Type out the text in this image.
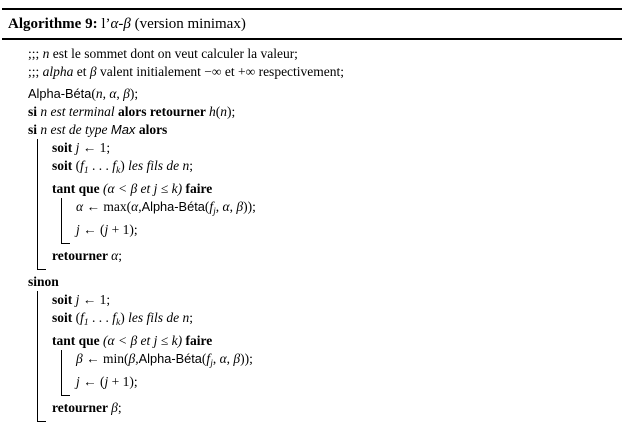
Algorithme 9: l’α-β (version minimax)
;;; n est le sommet dont on veut calculer la valeur;
;;; alpha et β valent initialement −∞ et +∞ respectivement;
Alpha-Béta(n, α, β);
si n est terminal alors retourner h(n);
si n est de type Max alors
soit j ← 1;
soit ($f_1$ . . . $f_k$) les fils de n;
tant que (α < β et j ≤ k) faire
α ← $\max(\alpha,Alpha-Béta(f_j$, α, β));
j ← (j + 1);
retourner α;
sinon
soit j ← 1;
soit ($f_1$ . . . $f_k$) les fils de n;
tant que (α < β et j ≤ k) faire
β ← $\min(\beta,Alpha-Béta(f_j$, α, β));
j ← (j + 1);
retourner β;
